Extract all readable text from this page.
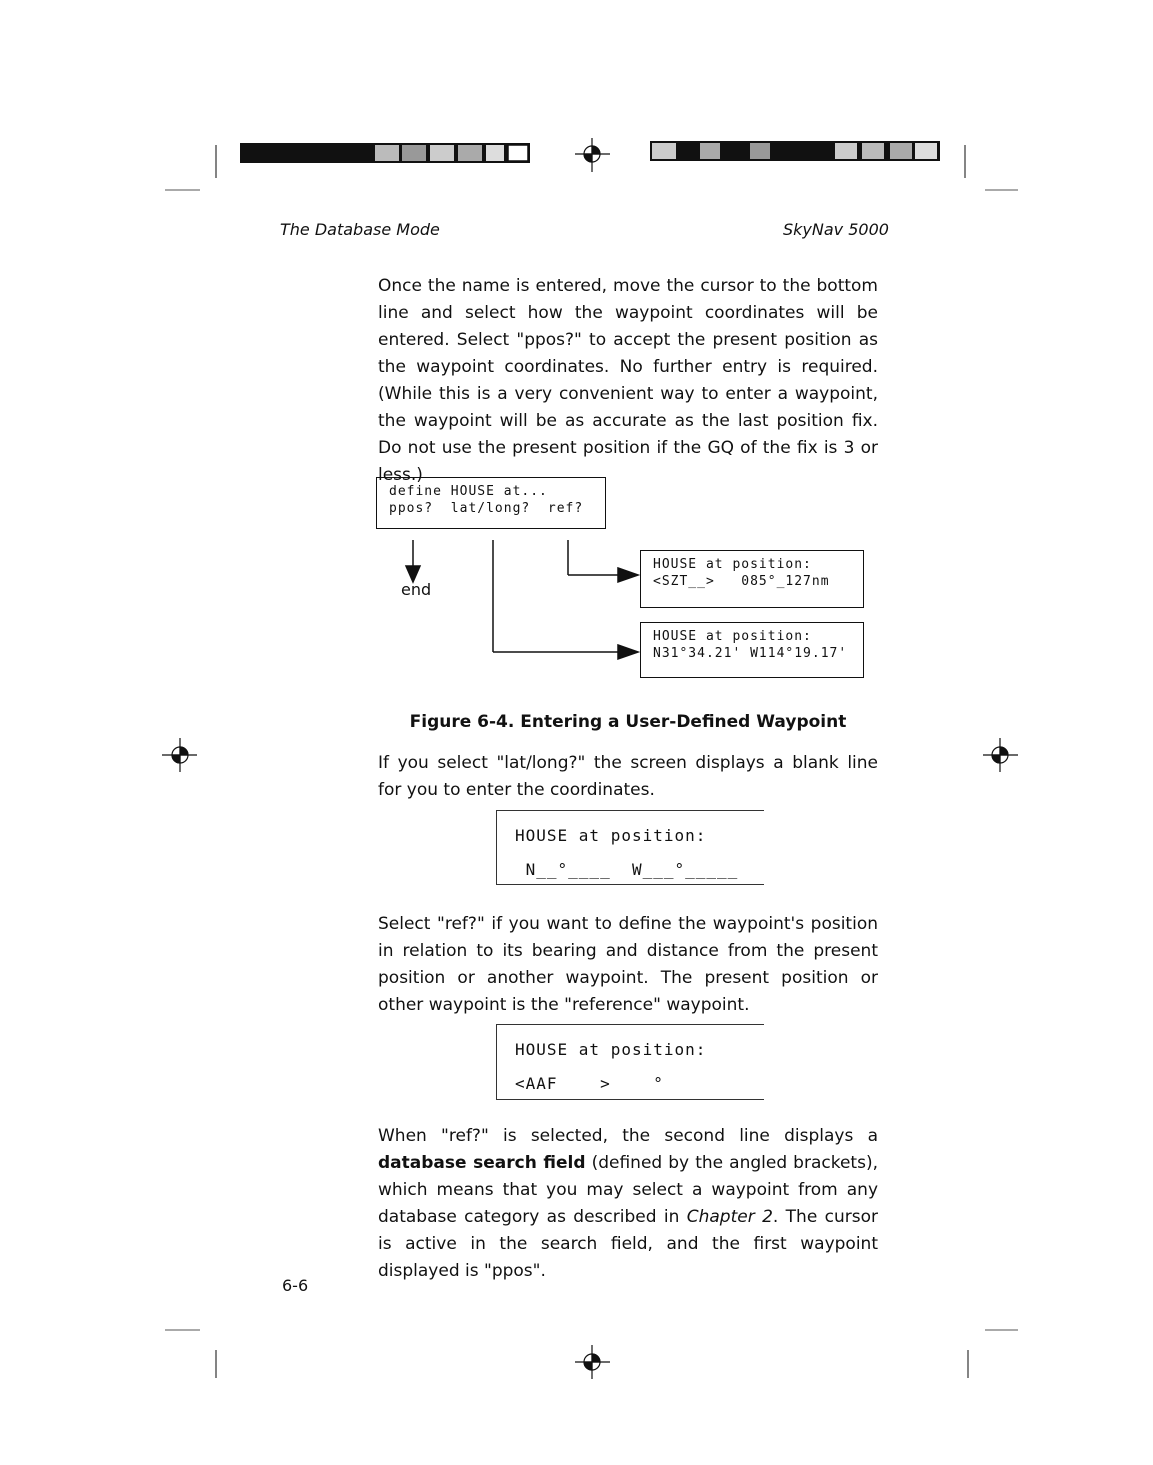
The Database Mode	SkyNav 5000

Once the name is entered, move the cursor to the bottom line and select how the waypoint coordinates will be entered. Select "ppos?" to accept the present position as the waypoint coordinates. No further entry is required. (While this is a very convenient way to enter a waypoint, the waypoint will be as accurate as the last position fix. Do not use the present position if the GQ of the fix is 3 or less.)

define HOUSE at...
ppos?  lat/long?  ref?
end
HOUSE at position:
<SZT__>   085°_127nm
HOUSE at position:
N31°34.21' W114°19.17'
Figure 6-4. Entering a User-Defined Waypoint

If you select "lat/long?" the screen displays a blank line for you to enter the coordinates.

HOUSE at position:
N__°____  W___°_____

Select "ref?" if you want to define the waypoint's position in relation to its bearing and distance from the present position or another waypoint. The present position or other waypoint is the "reference" waypoint.

HOUSE at position:
<AAF    >    °

When "ref?" is selected, the second line displays a database search field (defined by the angled brackets), which means that you may select a waypoint from any database category as described in Chapter 2. The cursor is active in the search field, and the first waypoint displayed is "ppos".

6-6
